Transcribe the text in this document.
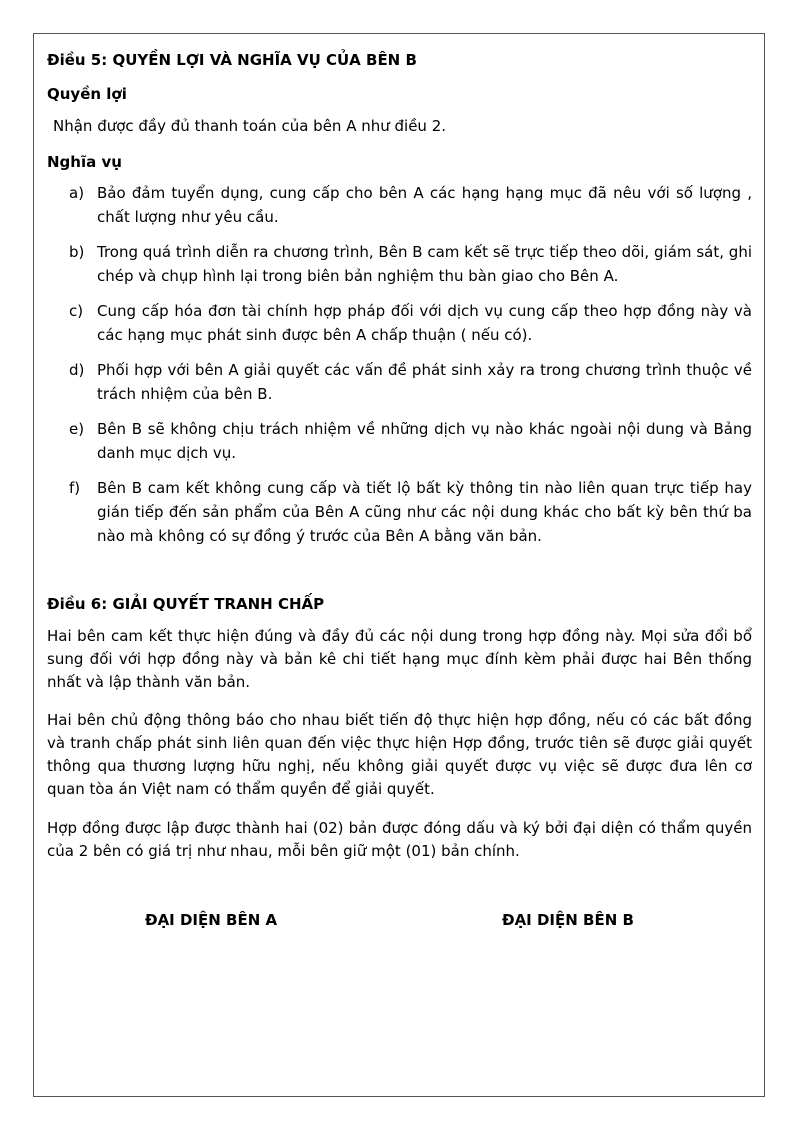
Điều 5: QUYỀN LỢI VÀ NGHĨA VỤ CỦA BÊN B
Quyền lợi
Nhận được đầy đủ thanh toán của bên A như điều 2.
Nghĩa vụ
a) Bảo đảm tuyển dụng, cung cấp cho bên A các hạng hạng mục đã nêu với số lượng , chất lượng như yêu cầu.
b) Trong quá trình diễn ra chương trình, Bên B cam kết sẽ trực tiếp theo dõi, giám sát, ghi chép và chụp hình lại trong biên bản nghiệm thu bàn giao cho Bên A.
c) Cung cấp hóa đơn tài chính hợp pháp đối với dịch vụ cung cấp theo hợp đồng này và các hạng mục phát sinh được bên A chấp thuận ( nếu có).
d) Phối hợp với bên A giải quyết các vấn đề phát sinh xảy ra trong chương trình thuộc về trách nhiệm của bên B.
e) Bên B sẽ không chịu trách nhiệm về những dịch vụ nào khác ngoài nội dung và Bảng danh mục dịch vụ.
f)	Bên B cam kết không cung cấp và tiết lộ bất kỳ thông tin nào liên quan trực tiếp hay gián tiếp đến sản phẩm của Bên A cũng như các nội dung khác cho bất kỳ bên thứ ba nào mà không có sự đồng ý trước của Bên A bằng văn bản.
Điều 6: GIẢI QUYẾT TRANH CHẤP
Hai bên cam kết thực hiện đúng và đầy đủ các nội dung trong hợp đồng này. Mọi sửa đổi bổ sung đối với hợp đồng này và bản kê chi tiết hạng mục đính kèm phải được hai Bên thống nhất và lập thành văn bản.
Hai bên chủ động thông báo cho nhau biết tiến độ thực hiện hợp đồng, nếu có các bất đồng và tranh chấp phát sinh liên quan đến việc thực hiện Hợp đồng, trước tiên sẽ được giải quyết thông qua thương lượng hữu nghị, nếu không giải quyết được vụ việc sẽ được đưa lên cơ quan tòa án Việt nam có thẩm quyền để giải quyết.
Hợp đồng được lập được thành hai (02) bản được đóng dấu và ký bởi đại diện có thẩm quyền của 2 bên có giá trị như nhau, mỗi bên giữ một (01) bản chính.
ĐẠI DIỆN BÊN A	ĐẠI DIỆN BÊN B
